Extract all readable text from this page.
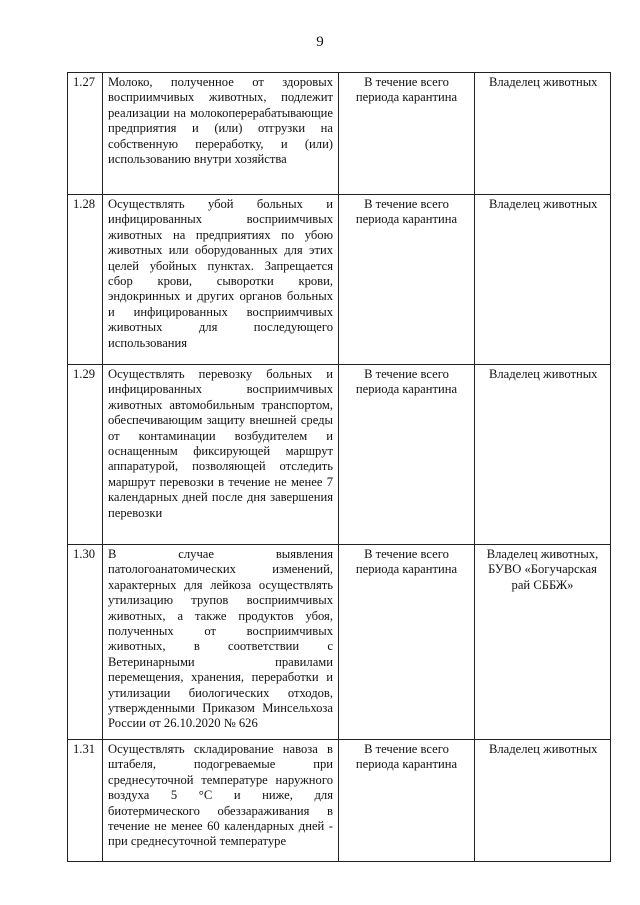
9
1.27	Молоко, полученное от здоровых восприимчивых животных, подлежит реализации на молокоперерабатывающие предприятия и (или) отгрузки на собственную переработку, и (или) использованию внутри хозяйства	В течение всего периода карантина	Владелец животных
1.28	Осуществлять убой больных и инфицированных восприимчивых животных на предприятиях по убою животных или оборудованных для этих целей убойных пунктах. Запрещается сбор крови, сыворотки крови, эндокринных и других органов больных и инфицированных восприимчивых животных для последующего использования	В течение всего периода карантина	Владелец животных
1.29	Осуществлять перевозку больных и инфицированных восприимчивых животных автомобильным транспортом, обеспечивающим защиту внешней среды от контаминации возбудителем и оснащенным фиксирующей маршрут аппаратурой, позволяющей отследить маршрут перевозки в течение не менее 7 календарных дней после дня завершения перевозки	В течение всего периода карантина	Владелец животных
1.30	В случае выявления патологоанатомических изменений, характерных для лейкоза осуществлять утилизацию трупов восприимчивых животных, а также продуктов убоя, полученных от восприимчивых животных, в соответствии с Ветеринарными правилами перемещения, хранения, переработки и утилизации биологических отходов, утвержденными Приказом Минсельхоза России от 26.10.2020 № 626	В течение всего периода карантина	Владелец животных, БУВО «Богучарская рай СББЖ»
1.31	Осуществлять складирование навоза в штабеля, подогреваемые при среднесуточной температуре наружного воздуха 5 °С и ниже, для биотермического обеззараживания в течение не менее 60 календарных дней - при среднесуточной температуре	В течение всего периода карантина	Владелец животных
